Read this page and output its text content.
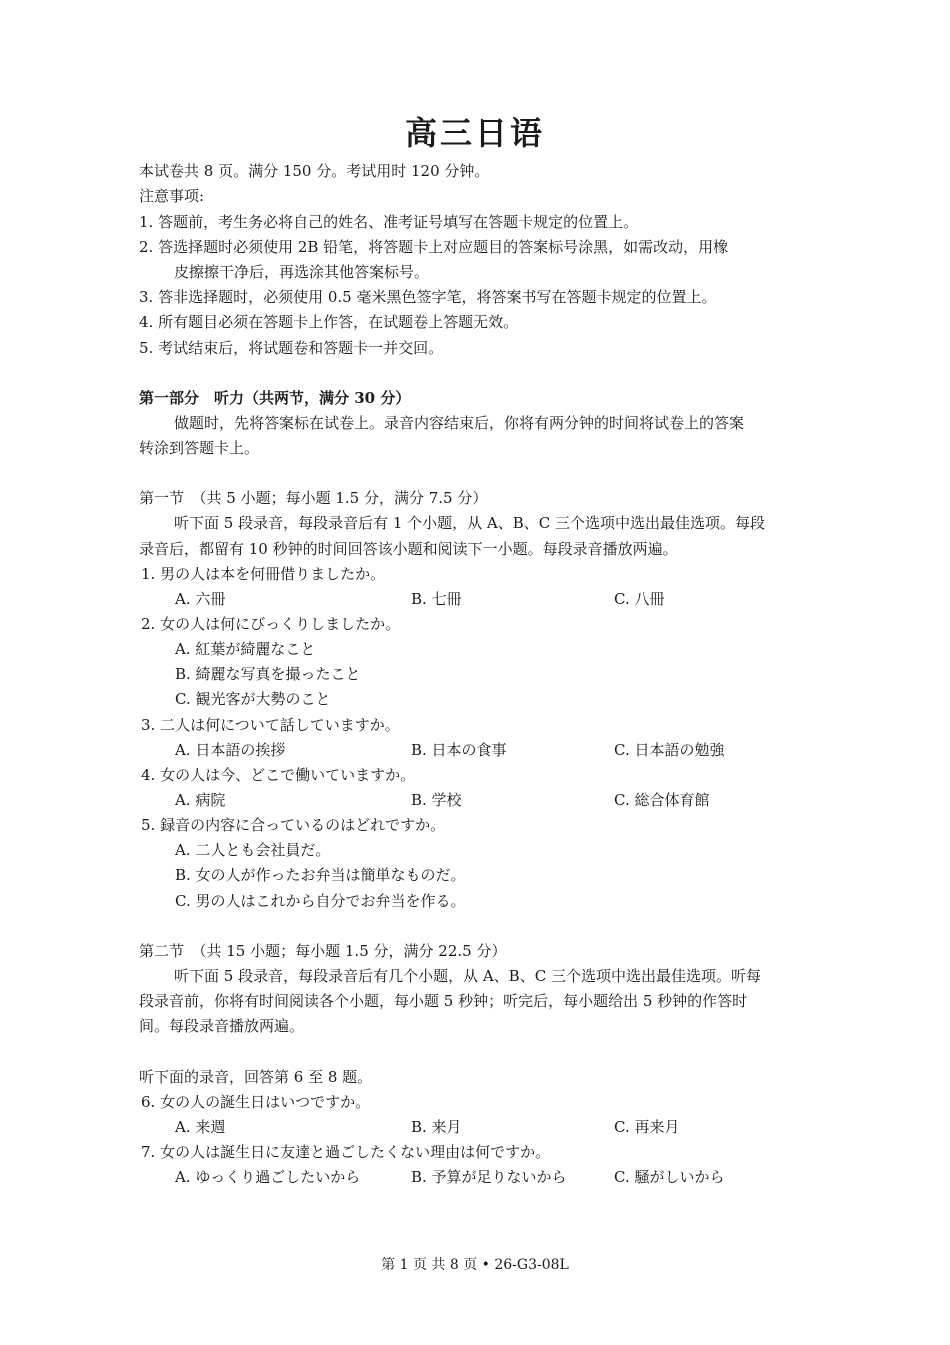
高三日语
本试卷共 8 页。满分 150 分。考试用时 120 分钟。
注意事项:
1. 答题前，考生务必将自己的姓名、准考证号填写在答题卡规定的位置上。
2. 答选择题时必须使用 2B 铅笔，将答题卡上对应题目的答案标号涂黑，如需改动，用橡
皮擦擦干净后，再选涂其他答案标号。
3. 答非选择题时，必须使用 0.5 毫米黑色签字笔，将答案书写在答题卡规定的位置上。
4. 所有题目必须在答题卡上作答，在试题卷上答题无效。
5. 考试结束后，将试题卷和答题卡一并交回。
第一部分　听力（共两节，满分 30 分）
做题时，先将答案标在试卷上。录音内容结束后，你将有两分钟的时间将试卷上的答案
转涂到答题卡上。
第一节　（共 5 小题；每小题 1.5 分，满分 7.5 分）
听下面 5 段录音，每段录音后有 1 个小题，从 A、B、C 三个选项中选出最佳选项。每段
录音后，都留有 10 秒钟的时间回答该小题和阅读下一小题。每段录音播放两遍。
1. 男の人は本を何冊借りましたか。
A. 六冊	B. 七冊	C. 八冊
2. 女の人は何にびっくりしましたか。
A. 紅葉が綺麗なこと
B. 綺麗な写真を撮ったこと
C. 観光客が大勢のこと
3. 二人は何について話していますか。
A. 日本語の挨拶	B. 日本の食事	C. 日本語の勉強
4. 女の人は今、どこで働いていますか。
A. 病院	B. 学校	C. 総合体育館
5. 録音の内容に合っているのはどれですか。
A. 二人とも会社員だ。
B. 女の人が作ったお弁当は簡単なものだ。
C. 男の人はこれから自分でお弁当を作る。
第二节　（共 15 小题；每小题 1.5 分，满分 22.5 分）
听下面 5 段录音，每段录音后有几个小题，从 A、B、C 三个选项中选出最佳选项。听每
段录音前，你将有时间阅读各个小题，每小题 5 秒钟；听完后，每小题给出 5 秒钟的作答时
间。每段录音播放两遍。
听下面的录音，回答第 6 至 8 题。
6. 女の人の誕生日はいつですか。
A. 来週	B. 来月	C. 再来月
7. 女の人は誕生日に友達と過ごしたくない理由は何ですか。
A. ゆっくり過ごしたいから	B. 予算が足りないから	C. 騒がしいから
第 1 页 共 8 页 • 26-G3-08L
